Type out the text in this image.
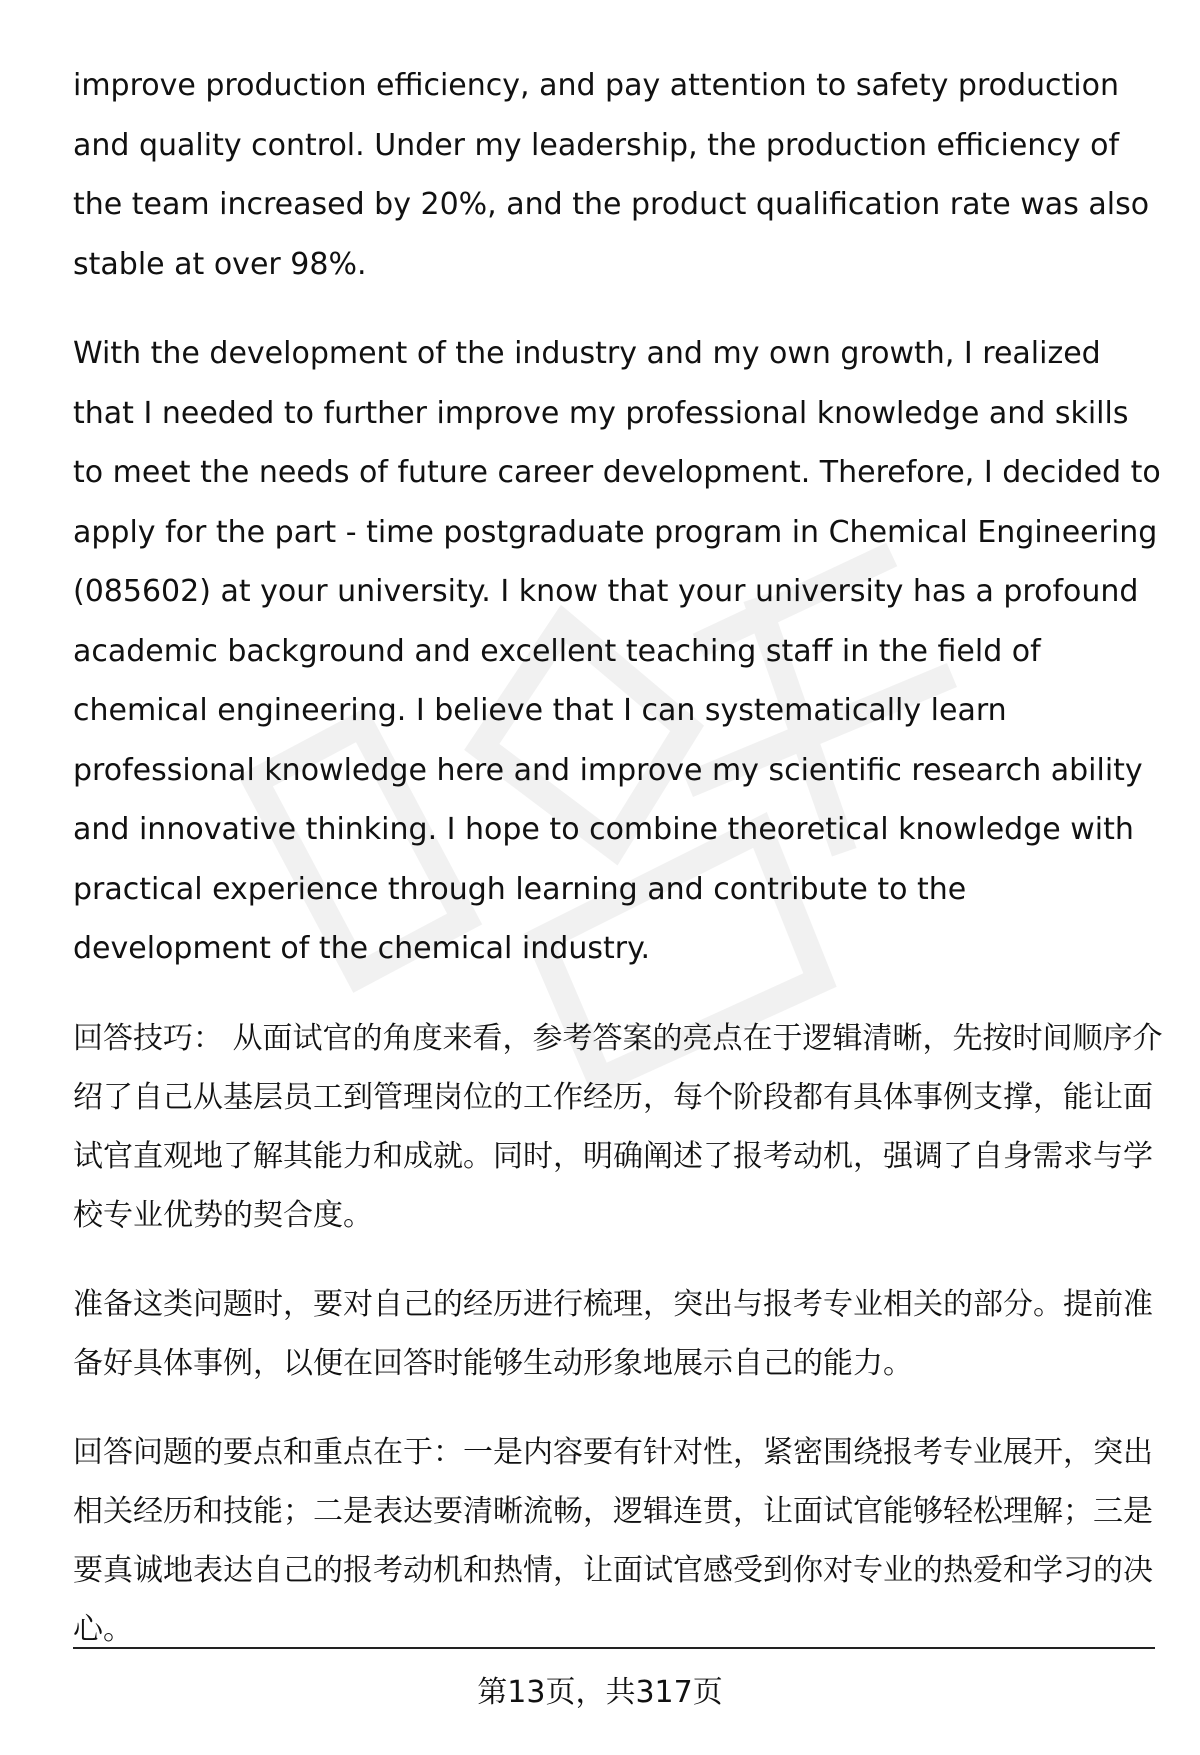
improve production efficiency, and pay attention to safety production and quality control. Under my leadership, the production efficiency of the team increased by 20%, and the product qualification rate was also stable at over 98%.

With the development of the industry and my own growth, I realized that I needed to further improve my professional knowledge and skills to meet the needs of future career development. Therefore, I decided to apply for the part - time postgraduate program in Chemical Engineering (085602) at your university. I know that your university has a profound academic background and excellent teaching staff in the field of chemical engineering. I believe that I can systematically learn professional knowledge here and improve my scientific research ability and innovative thinking. I hope to combine theoretical knowledge with practical experience through learning and contribute to the development of the chemical industry.

回答技巧： 从面试官的角度来看，参考答案的亮点在于逻辑清晰，先按时间顺序介绍了自己从基层员工到管理岗位的工作经历，每个阶段都有具体事例支撑，能让面试官直观地了解其能力和成就。同时，明确阐述了报考动机，强调了自身需求与学校专业优势的契合度。

准备这类问题时，要对自己的经历进行梳理，突出与报考专业相关的部分。提前准备好具体事例，以便在回答时能够生动形象地展示自己的能力。

回答问题的要点和重点在于：一是内容要有针对性，紧密围绕报考专业展开，突出相关经历和技能；二是表达要清晰流畅，逻辑连贯，让面试官能够轻松理解；三是要真诚地表达自己的报考动机和热情，让面试官感受到你对专业的热爱和学习的决心。

第13页，共317页
